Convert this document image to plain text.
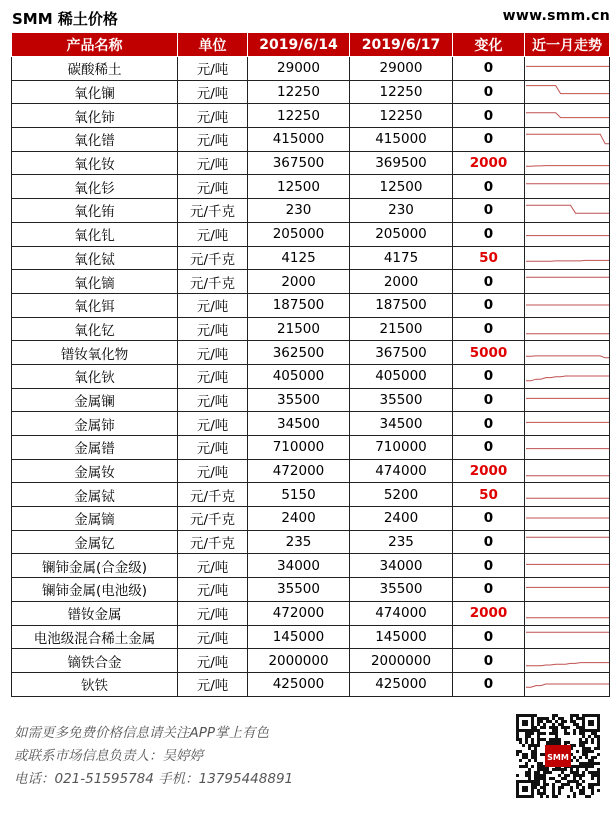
SMM 稀土价格	www.smm.cn
产品名称	单位	2019/6/14	2019/6/17	变化	近一月走势
碳酸稀土	元/吨	29000	29000	0	

氧化镧	元/吨	12250	12250	0	

氧化铈	元/吨	12250	12250	0	

氧化镨	元/吨	415000	415000	0	

氧化钕	元/吨	367500	369500	2000	

氧化钐	元/吨	12500	12500	0	

氧化铕	元/千克	230	230	0	

氧化钆	元/吨	205000	205000	0	

氧化铽	元/千克	4125	4175	50	

氧化镝	元/千克	2000	2000	0	

氧化铒	元/吨	187500	187500	0	

氧化钇	元/吨	21500	21500	0	

镨钕氧化物	元/吨	362500	367500	5000	

氧化钬	元/吨	405000	405000	0	

金属镧	元/吨	35500	35500	0	

金属铈	元/吨	34500	34500	0	

金属镨	元/吨	710000	710000	0	

金属钕	元/吨	472000	474000	2000	

金属铽	元/千克	5150	5200	50	

金属镝	元/千克	2400	2400	0	

金属钇	元/千克	235	235	0	

镧铈金属(合金级)	元/吨	34000	34000	0	

镧铈金属(电池级)	元/吨	35500	35500	0	

镨钕金属	元/吨	472000	474000	2000	

电池级混合稀土金属	元/吨	145000	145000	0	

镝铁合金	元/吨	2000000	2000000	0	

钬铁	元/吨	425000	425000	0	
如需更多免费价格信息请关注APP掌上有色
或联系市场信息负责人：吴婷婷
电话：021-51595784 手机：13795448891
SMM
